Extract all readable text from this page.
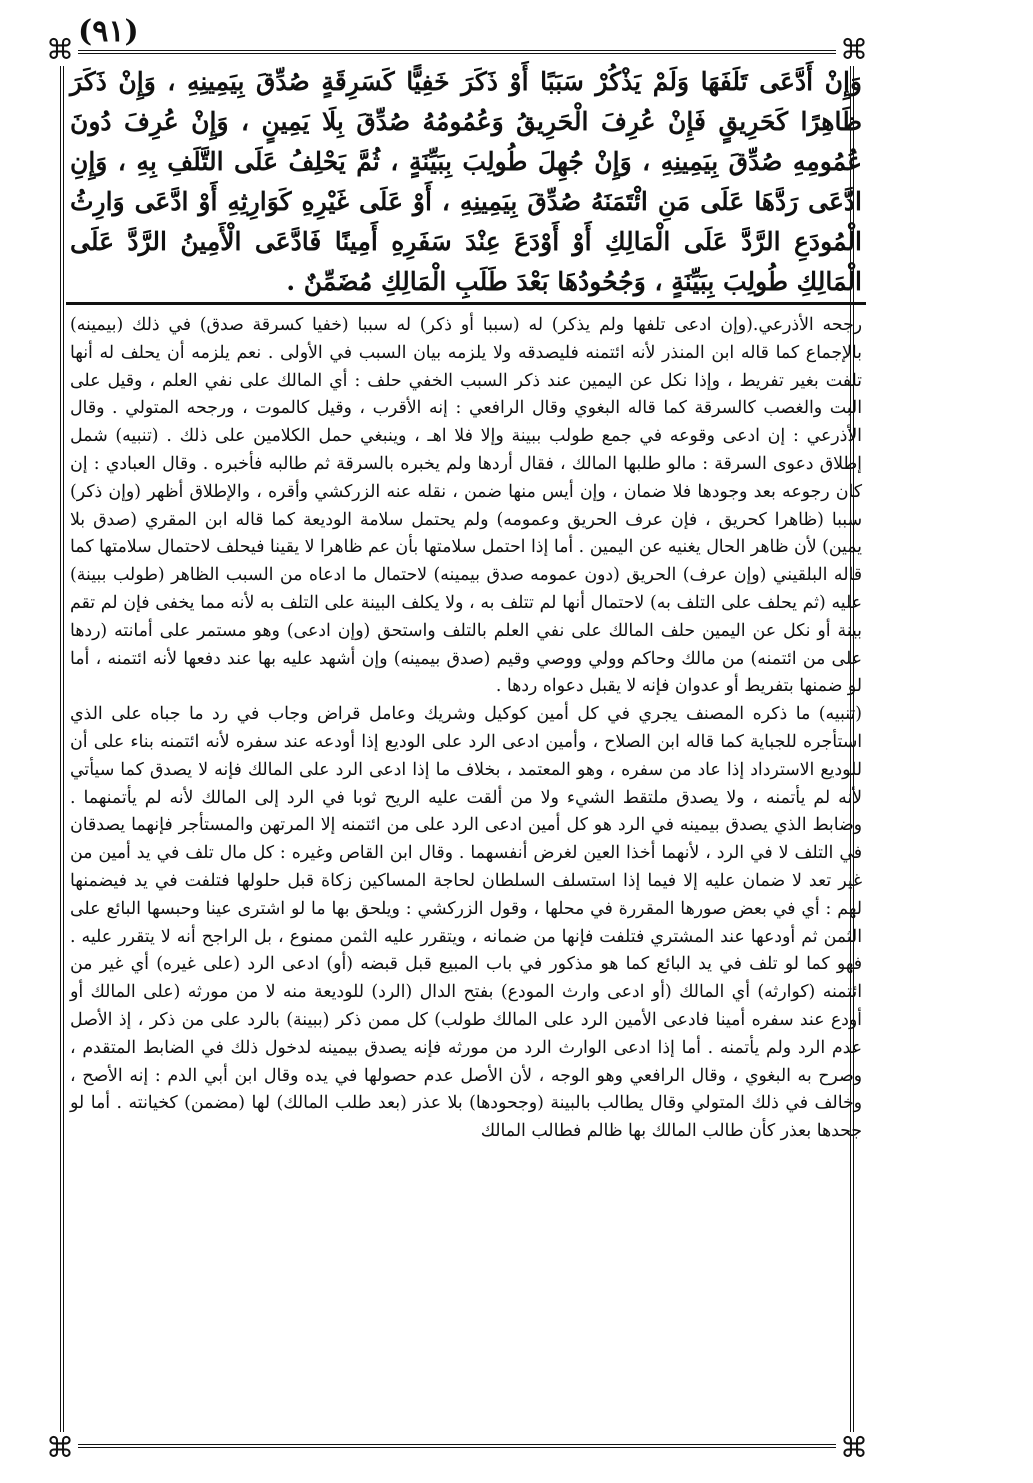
(٩١)
⌘	⌘
⌘	⌘

وَإِنْ أَدَّعَى تَلَفَهَا وَلَمْ يَذْكُرْ سَبَبًا أَوْ ذَكَرَ خَفِيًّا كَسَرِقَةٍ صُدِّقَ بِيَمِينِهِ ، وَإِنْ ذَكَرَ ظَاهِرًا كَحَرِيقٍ فَإِنْ عُرِفَ الْحَرِيقُ وَعُمُومُهُ صُدِّقَ بِلَا يَمِينٍ ، وَإِنْ عُرِفَ دُونَ عُمُومِهِ صُدِّقَ بِيَمِينِهِ ، وَإِنْ جُهِلَ طُولِبَ بِبَيِّنَةٍ ، ثُمَّ يَحْلِفُ عَلَى التَّلَفِ بِهِ ، وَإِنِ ادَّعَى رَدَّهَا عَلَى مَنِ ائْتَمَنَهُ صُدِّقَ بِيَمِينِهِ ، أَوْ عَلَى غَيْرِهِ كَوَارِثِهِ أَوْ ادَّعَى وَارِثُ الْمُودَعِ الرَّدَّ عَلَى الْمَالِكِ أَوْ أَوْدَعَ عِنْدَ سَفَرِهِ أَمِينًا فَادَّعَى الْأَمِينُ الرَّدَّ عَلَى الْمَالِكِ طُولِبَ بِبَيِّنَةٍ ، وَجُحُودُهَا بَعْدَ طَلَبِ الْمَالِكِ مُضَمِّنٌ .

رجحه الأذرعي.(وإن ادعى تلفها ولم يذكر) له (سببا أو ذكر) له سببا (خفيا كسرقة صدق) في ذلك (بيمينه) بالإجماع كما قاله ابن المنذر لأنه ائتمنه فليصدقه ولا يلزمه بيان السبب في الأولى . نعم يلزمه أن يحلف له أنها تلفت بغير تفريط ، وإذا نكل عن اليمين عند ذكر السبب الخفي حلف : أي المالك على نفي العلم ، وقيل على البت والغصب كالسرقة كما قاله البغوي وقال الرافعي : إنه الأقرب ، وقيل كالموت ، ورجحه المتولي . وقال الأذرعي : إن ادعى وقوعه في جمع طولب ببينة وإلا فلا اهـ ، وينبغي حمل الكلامين على ذلك . (تنبيه) شمل إطلاق دعوى السرقة : مالو طلبها المالك ، فقال أردها ولم يخبره بالسرقة ثم طالبه فأخبره . وقال العبادي : إن كان رجوعه بعد وجودها فلا ضمان ، وإن أيس منها ضمن ، نقله عنه الزركشي وأقره ، والإطلاق أظهر (وإن ذكر) سببا (ظاهرا كحريق ، فإن عرف الحريق وعمومه) ولم يحتمل سلامة الوديعة كما قاله ابن المقري (صدق بلا يمين) لأن ظاهر الحال يغنيه عن اليمين . أما إذا احتمل سلامتها بأن عم ظاهرا لا يقينا فيحلف لاحتمال سلامتها كما قاله البلقيني (وإن عرف) الحريق (دون عمومه صدق بيمينه) لاحتمال ما ادعاه من السبب الظاهر (طولب ببينة) عليه (ثم يحلف على التلف به) لاحتمال أنها لم تتلف به ، ولا يكلف البينة على التلف به لأنه مما يخفى فإن لم تقم بينة أو نكل عن اليمين حلف المالك على نفي العلم بالتلف واستحق (وإن ادعى) وهو مستمر على أمانته (ردها على من ائتمنه) من مالك وحاكم وولي ووصي وقيم (صدق بيمينه) وإن أشهد عليه بها عند دفعها لأنه ائتمنه ، أما لو ضمنها بتفريط أو عدوان فإنه لا يقبل دعواه ردها .

(تنبيه) ما ذكره المصنف يجري في كل أمين كوكيل وشريك وعامل قراض وجاب في رد ما جباه على الذي استأجره للجباية كما قاله ابن الصلاح ، وأمين ادعى الرد على الوديع إذا أودعه عند سفره لأنه ائتمنه بناء على أن للوديع الاسترداد إذا عاد من سفره ، وهو المعتمد ، بخلاف ما إذا ادعى الرد على المالك فإنه لا يصدق كما سيأتي لأنه لم يأتمنه ، ولا يصدق ملتقط الشيء ولا من ألقت عليه الريح ثوبا في الرد إلى المالك لأنه لم يأتمنهما . وضابط الذي يصدق بيمينه في الرد هو كل أمين ادعى الرد على من ائتمنه إلا المرتهن والمستأجر فإنهما يصدقان في التلف لا في الرد ، لأنهما أخذا العين لغرض أنفسهما . وقال ابن القاص وغيره : كل مال تلف في يد أمين من غير تعد لا ضمان عليه إلا فيما إذا استسلف السلطان لحاجة المساكين زكاة قبل حلولها فتلفت في يد فيضمنها لهم : أي في بعض صورها المقررة في محلها ، وقول الزركشي : ويلحق بها ما لو اشترى عينا وحبسها البائع على الثمن ثم أودعها عند المشتري فتلفت فإنها من ضمانه ، ويتقرر عليه الثمن ممنوع ، بل الراجح أنه لا يتقرر عليه . فهو كما لو تلف في يد البائع كما هو مذكور في باب المبيع قبل قبضه (أو) ادعى الرد (على غيره) أي غير من ائتمنه (كوارثه) أي المالك (أو ادعى وارث المودع) بفتح الدال (الرد) للوديعة منه لا من مورثه (على المالك أو أودع عند سفره أمينا فادعى الأمين الرد على المالك طولب) كل ممن ذكر (ببينة) بالرد على من ذكر ، إذ الأصل عدم الرد ولم يأتمنه . أما إذا ادعى الوارث الرد من مورثه فإنه يصدق بيمينه لدخول ذلك في الضابط المتقدم ، وصرح به البغوي ، وقال الرافعي وهو الوجه ، لأن الأصل عدم حصولها في يده وقال ابن أبي الدم : إنه الأصح ، وخالف في ذلك المتولي وقال يطالب بالبينة (وجحودها) بلا عذر (بعد طلب المالك) لها (مضمن) كخيانته . أما لو جحدها بعذر كأن طالب المالك بها ظالم فطالب المالك
